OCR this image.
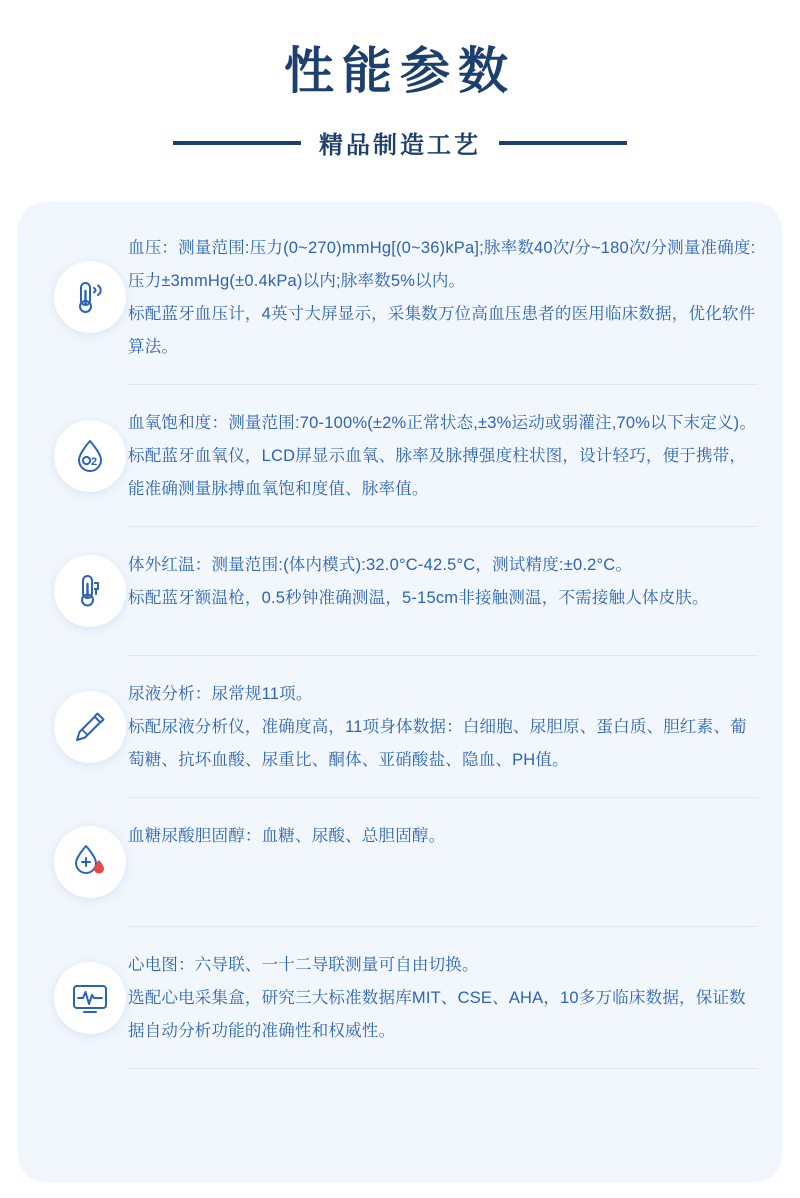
性能参数
精品制造工艺
血压：测量范围:压力(0~270)mmHg[(0~36)kPa];脉率数40次/分~180次/分测量准确度:压力±3mmHg(±0.4kPa)以内;脉率数5%以内。
标配蓝牙血压计，4英寸大屏显示，采集数万位高血压患者的医用临床数据，优化软件算法。
2
血氧饱和度：测量范围:70-100%(±2%正常状态,±3%运动或弱灌注,70%以下末定义)。
标配蓝牙血氧仪，LCD屏显示血氧、脉率及脉搏强度柱状图，设计轻巧，便于携带，能准确测量脉搏血氧饱和度值、脉率值。
体外红温：测量范围:(体内模式):32.0°C-42.5°C，测试精度:±0.2°C。
标配蓝牙额温枪，0.5秒钟准确测温，5-15cm非接触测温，不需接触人体皮肤。
尿液分析：尿常规11项。
标配尿液分析仪，准确度高，11项身体数据：白细胞、尿胆原、蛋白质、胆红素、葡萄糖、抗坏血酸、尿重比、酮体、亚硝酸盐、隐血、PH值。
血糖尿酸胆固醇：血糖、尿酸、总胆固醇。
心电图：六导联、一十二导联测量可自由切换。
选配心电采集盒，研究三大标准数据库MIT、CSE、AHA，10多万临床数据，保证数据自动分析功能的准确性和权威性。
